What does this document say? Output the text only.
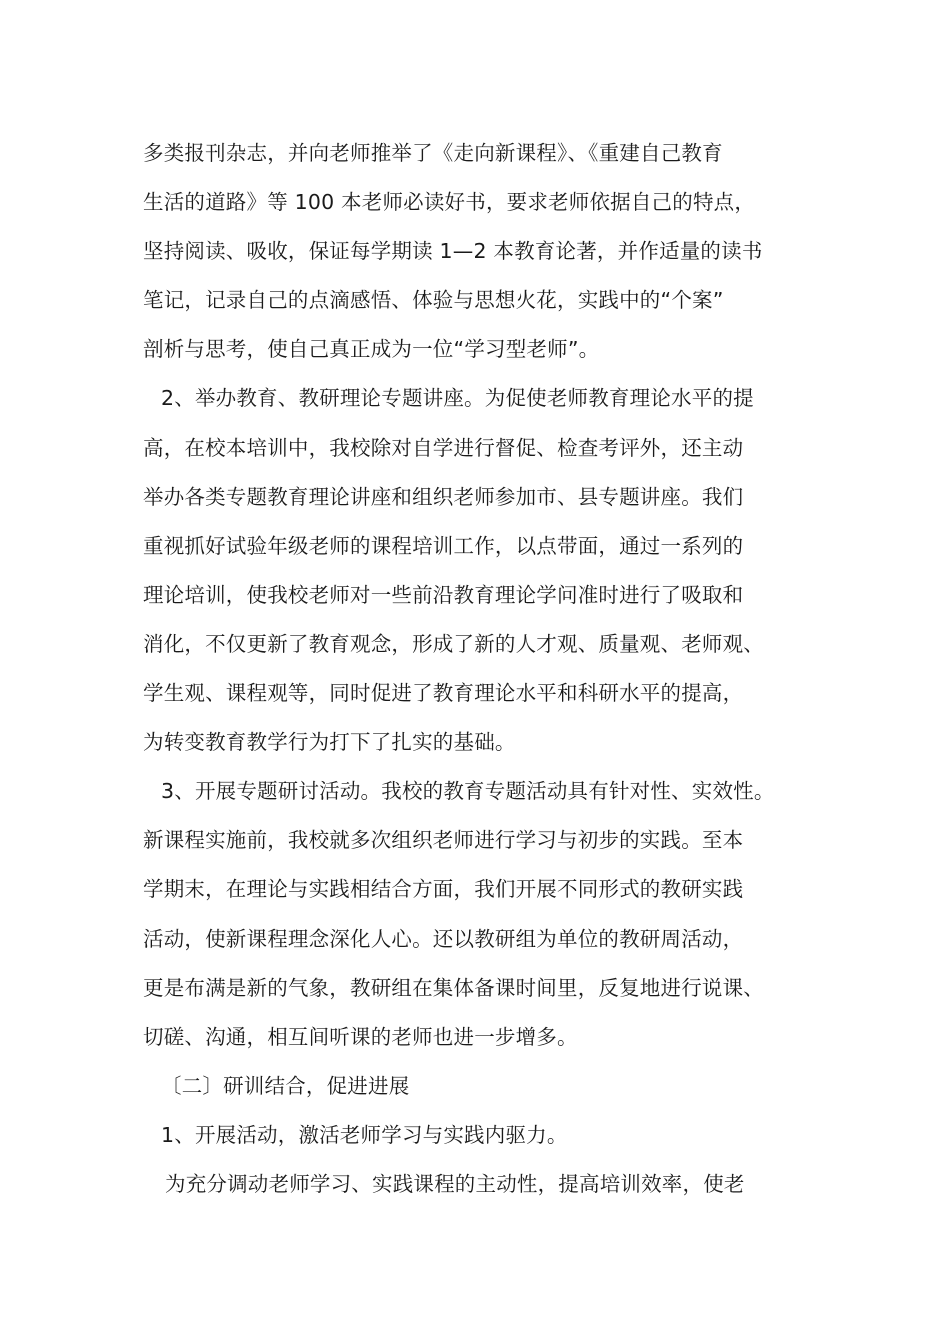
多类报刊杂志，并向老师推举了《走向新课程》、《重建自己教育
生活的道路》等 100 本老师必读好书，要求老师依据自己的特点，
坚持阅读、吸收，保证每学期读 1—2 本教育论著，并作适量的读书
笔记，记录自己的点滴感悟、体验与思想火花，实践中的“个案”
剖析与思考，使自己真正成为一位“学习型老师”。
2、举办教育、教研理论专题讲座。为促使老师教育理论水平的提
高，在校本培训中，我校除对自学进行督促、检查考评外，还主动
举办各类专题教育理论讲座和组织老师参加市、县专题讲座。我们
重视抓好试验年级老师的课程培训工作，以点带面，通过一系列的
理论培训，使我校老师对一些前沿教育理论学问准时进行了吸取和
消化，不仅更新了教育观念，形成了新的人才观、质量观、老师观、
学生观、课程观等，同时促进了教育理论水平和科研水平的提高，
为转变教育教学行为打下了扎实的基础。
3、开展专题研讨活动。我校的教育专题活动具有针对性、实效性。
新课程实施前，我校就多次组织老师进行学习与初步的实践。至本
学期末，在理论与实践相结合方面，我们开展不同形式的教研实践
活动，使新课程理念深化人心。还以教研组为单位的教研周活动，
更是布满是新的气象，教研组在集体备课时间里，反复地进行说课、
切磋、沟通，相互间听课的老师也进一步增多。
〔二〕研训结合，促进进展
1、开展活动，激活老师学习与实践内驱力。
为充分调动老师学习、实践课程的主动性，提高培训效率，使老
